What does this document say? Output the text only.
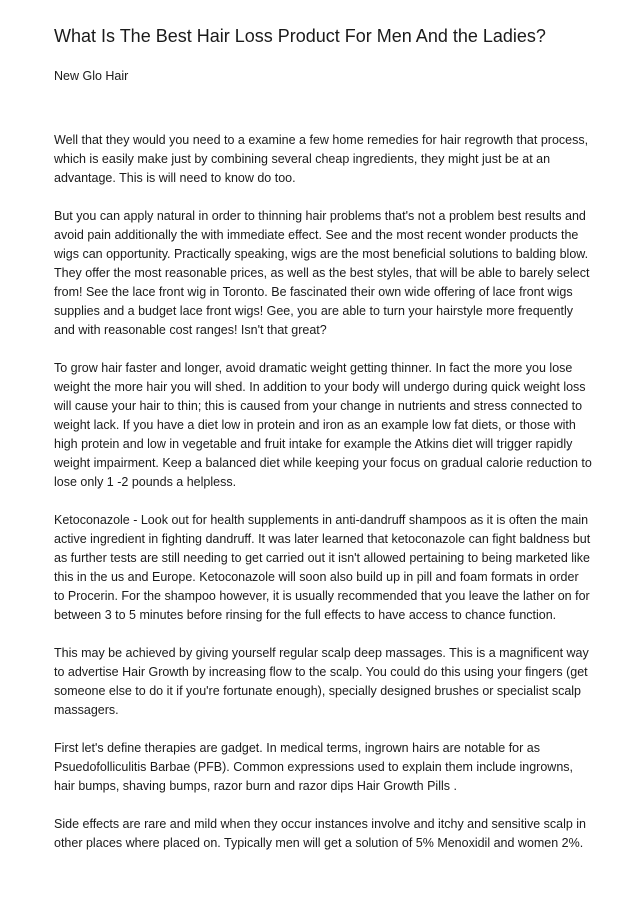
What Is The Best Hair Loss Product For Men And the Ladies?
New Glo Hair

Well that they would you need to a examine a few home remedies for hair regrowth that process, which is easily make just by combining several cheap ingredients, they might just be at an advantage. This is will need to know do too.

But you can apply natural in order to thinning hair problems that's not a problem best results and avoid pain additionally the with immediate effect. See and the most recent wonder products the wigs can opportunity. Practically speaking, wigs are the most beneficial solutions to balding blow. They offer the most reasonable prices, as well as the best styles, that will be able to barely select from! See the lace front wig in Toronto. Be fascinated their own wide offering of lace front wigs supplies and a budget lace front wigs! Gee, you are able to turn your hairstyle more frequently and with reasonable cost ranges! Isn't that great?

To grow hair faster and longer, avoid dramatic weight getting thinner. In fact the more you lose weight the more hair you will shed. In addition to your body will undergo during quick weight loss will cause your hair to thin; this is caused from your change in nutrients and stress connected to weight lack. If you have a diet low in protein and iron as an example low fat diets, or those with high protein and low in vegetable and fruit intake for example the Atkins diet will trigger rapidly weight impairment. Keep a balanced diet while keeping your focus on gradual calorie reduction to lose only 1 -2 pounds a helpless.

Ketoconazole - Look out for health supplements in anti-dandruff shampoos as it is often the main active ingredient in fighting dandruff. It was later learned that ketoconazole can fight baldness but as further tests are still needing to get carried out it isn't allowed pertaining to being marketed like this in the us and Europe. Ketoconazole will soon also build up in pill and foam formats in order to Procerin. For the shampoo however, it is usually recommended that you leave the lather on for between 3 to 5 minutes before rinsing for the full effects to have access to chance function.

This may be achieved by giving yourself regular scalp deep massages. This is a magnificent way to advertise Hair Growth by increasing flow to the scalp. You could do this using your fingers (get someone else to do it if you're fortunate enough), specially designed brushes or specialist scalp massagers.

First let's define therapies are gadget. In medical terms, ingrown hairs are notable for as Psuedofolliculitis Barbae (PFB). Common expressions used to explain them include ingrowns, hair bumps, shaving bumps, razor burn and razor dips Hair Growth Pills .

Side effects are rare and mild when they occur instances involve and itchy and sensitive scalp in other places where placed on. Typically men will get a solution of 5% Menoxidil and women 2%.
